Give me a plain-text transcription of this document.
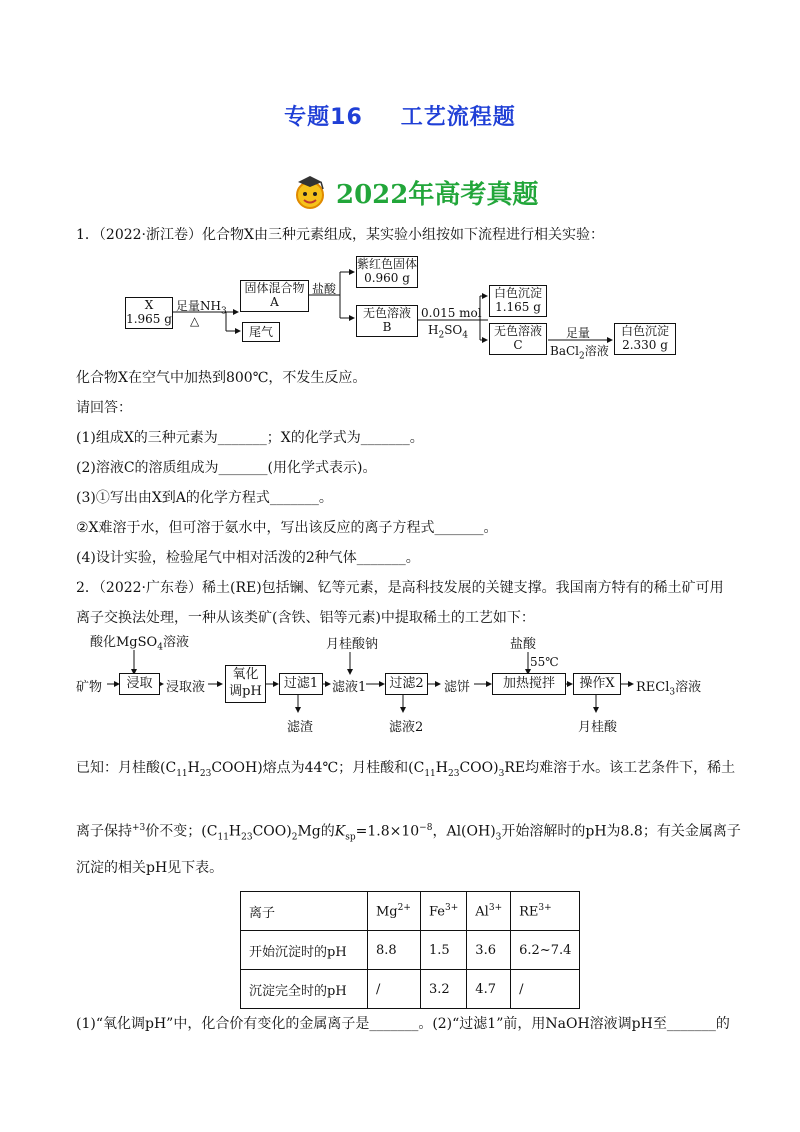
专题16 工艺流程题
2022年高考真题
1．（2022·浙江卷）化合物X由三种元素组成，某实验小组按如下流程进行相关实验：
X
1.965 g
足量$NH_3$
△
固体混合物
A
尾气
盐酸
紫红色固体
0.960 g
无色溶液
B
0.015 mol
$H_2SO_4$
白色沉淀
1.165 g
无色溶液
C
足量
BaCl$_2$溶液
白色沉淀
2.330 g
化合物X在空气中加热到800℃，不发生反应。
请回答：
(1)组成X的三种元素为_______；X的化学式为_______。
(2)溶液C的溶质组成为_______(用化学式表示)。
(3)①写出由X到A的化学方程式_______。
②X难溶于水，但可溶于氨水中，写出该反应的离子方程式_______。
(4)设计实验，检验尾气中相对活泼的2种气体_______。
2．（2022·广东卷）稀土(RE)包括镧、钇等元素，是高科技发展的关键支撑。我国南方特有的稀土矿可用
离子交换法处理，一种从该类矿(含铁、铝等元素)中提取稀土的工艺如下：
酸化MgSO$_4$溶液	月桂酸钠	盐酸
55℃
矿物	浸取	浸取液
氧化
调pH
过滤1	滤液1	过滤2	滤饼	加热搅拌	操作X	RECl$_3$溶液
滤渣	滤液2	月桂酸
已知：月桂酸$(C_{11}H_{23}COOH)$熔点为44℃；月桂酸和$(C_{11}H_{23}COO)_3RE$均难溶于水。该工艺条件下，稀土
离子保持$^{+3}$价不变；$(C_{11}H_{23}COO)_2Mg$的$K_{sp}=1.8\times 10^{-8}$，$Al(OH)_3$开始溶解时的pH为8.8；有关金属离子
沉淀的相关pH见下表。
离子	$Mg^{2+}$	$Fe^{3+}$	$Al^{3+}$	$RE^{3+}$
开始沉淀时的pH	8.8	1.5	3.6	6.2~7.4
沉淀完全时的pH	/	3.2	4.7	/
(1)“氧化调pH”中，化合价有变化的金属离子是_______。(2)“过滤1”前，用NaOH溶液调pH至_______的
